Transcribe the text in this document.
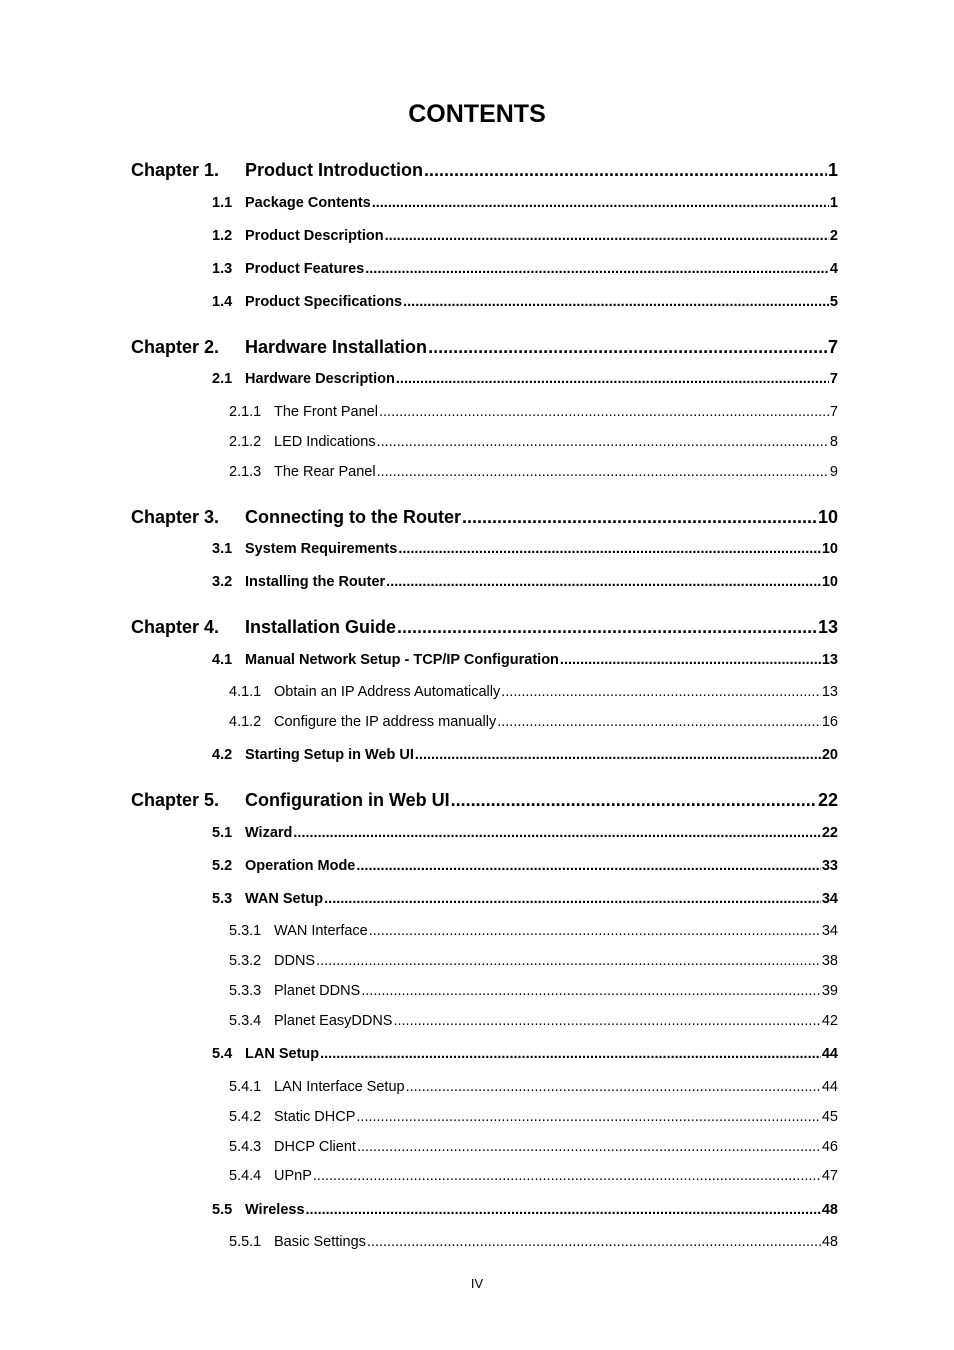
CONTENTS
Chapter 1.	Product Introduction .....	1
1.1 Package Contents .....	1
1.2 Product Description .....	2
1.3 Product Features .....	4
1.4 Product Specifications .....	5
Chapter 2.	Hardware Installation .....	7
2.1 Hardware Description .....	7
2.1.1 The Front Panel .....	7
2.1.2 LED Indications .....	8
2.1.3 The Rear Panel .....	9
Chapter 3.	Connecting to the Router .....	10
3.1 System Requirements .....	10
3.2 Installing the Router .....	10
Chapter 4.	Installation Guide .....	13
4.1 Manual Network Setup - TCP/IP Configuration .....	13
4.1.1 Obtain an IP Address Automatically .....	13
4.1.2 Configure the IP address manually .....	16
4.2 Starting Setup in Web UI .....	20
Chapter 5.	Configuration in Web UI .....	22
5.1 Wizard .....	22
5.2 Operation Mode .....	33
5.3 WAN Setup .....	34
5.3.1 WAN Interface .....	34
5.3.2 DDNS .....	38
5.3.3 Planet DDNS .....	39
5.3.4 Planet EasyDDNS .....	42
5.4 LAN Setup .....	44
5.4.1 LAN Interface Setup .....	44
5.4.2 Static DHCP .....	45
5.4.3 DHCP Client .....	46
5.4.4 UPnP .....	47
5.5 Wireless .....	48
5.5.1 Basic Settings .....	48
IV
